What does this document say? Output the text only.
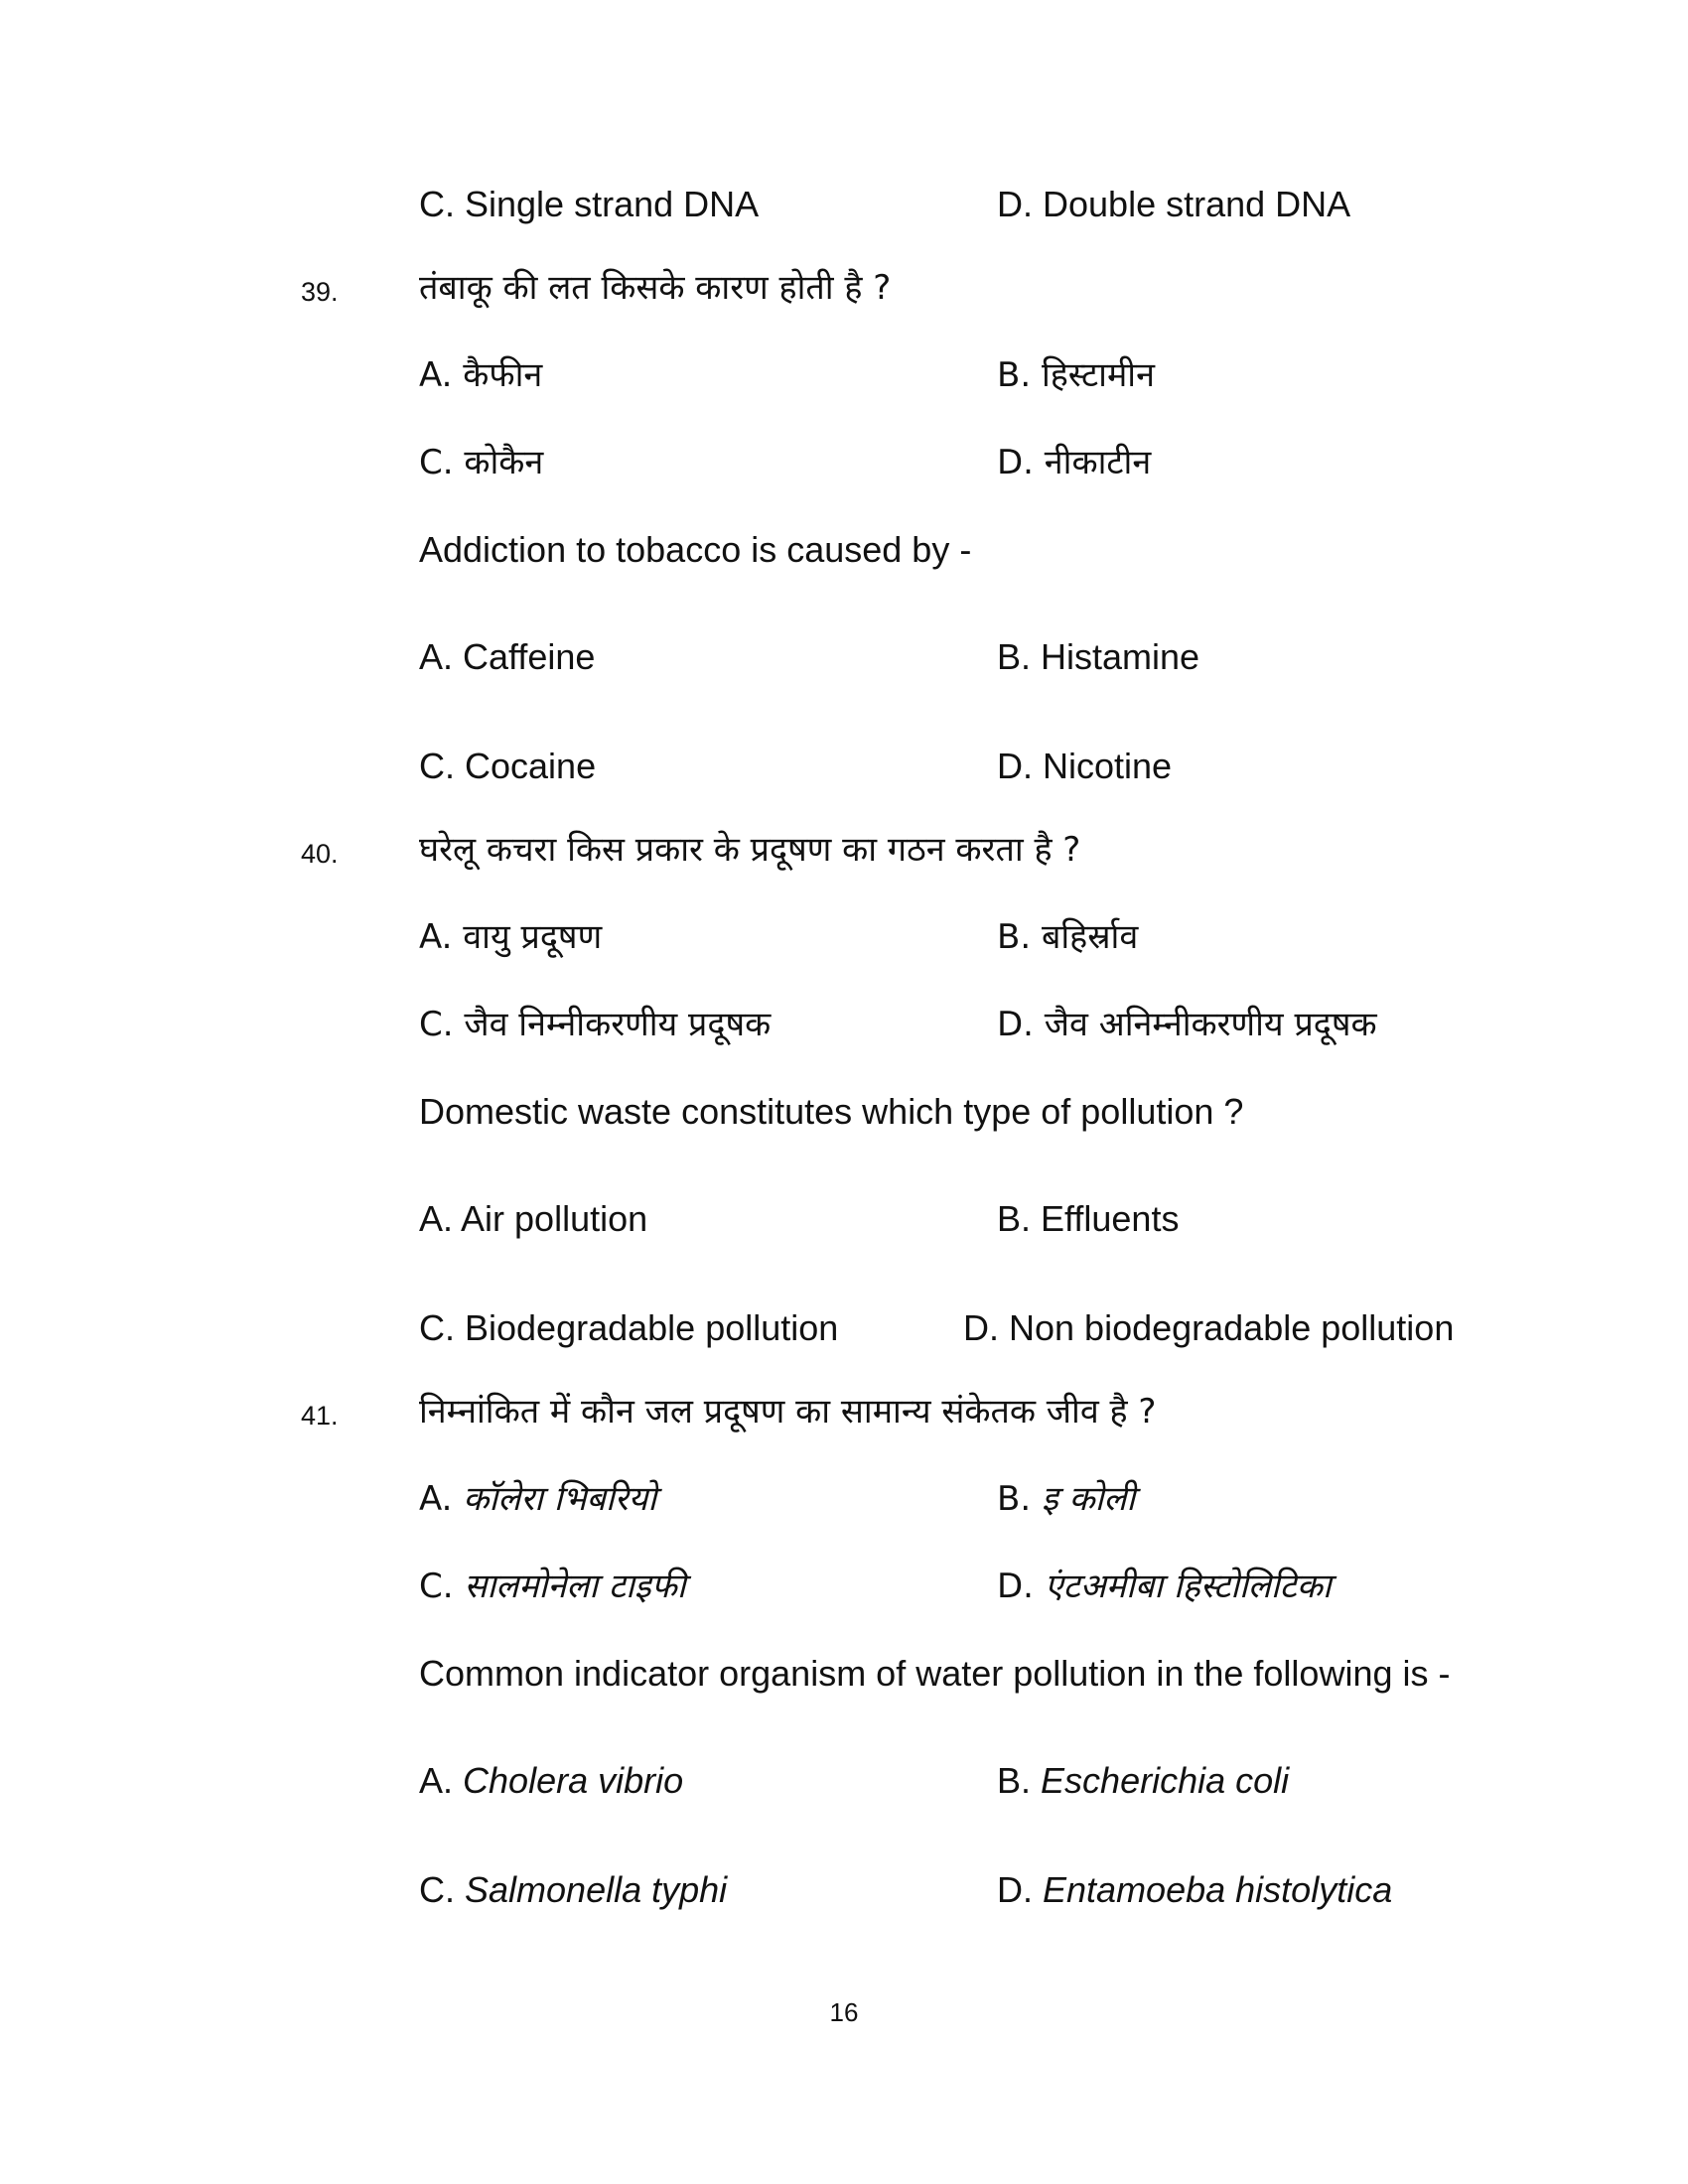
C. Single strand DNA	D. Double strand DNA
39. तंबाकू की लत किसके कारण होती है ?
A. कैफीन	B. हिस्टामीन
C. कोकैन	D. नीकाटीन
Addiction to tobacco is caused by -
A. Caffeine	B. Histamine
C. Cocaine	D. Nicotine
40. घरेलू कचरा किस प्रकार के प्रदूषण का गठन करता है ?
A. वायु प्रदूषण	B. बहिर्स्राव
C. जैव निम्नीकरणीय प्रदूषक	D. जैव अनिम्नीकरणीय प्रदूषक
Domestic waste constitutes which type of pollution ?
A. Air pollution	B. Effluents
C. Biodegradable pollution	D. Non biodegradable pollution
41. निम्नांकित में कौन जल प्रदूषण का सामान्य संकेतक जीव है ?
A. कॉलेरा भिबरियो	B. इ कोली
C. सालमोनेला टाइफी	D. एंटअमीबा हिस्टोलिटिका
Common indicator organism of water pollution in the following is -
A. Cholera vibrio	B. Escherichia coli
C. Salmonella typhi	D. Entamoeba histolytica
16
